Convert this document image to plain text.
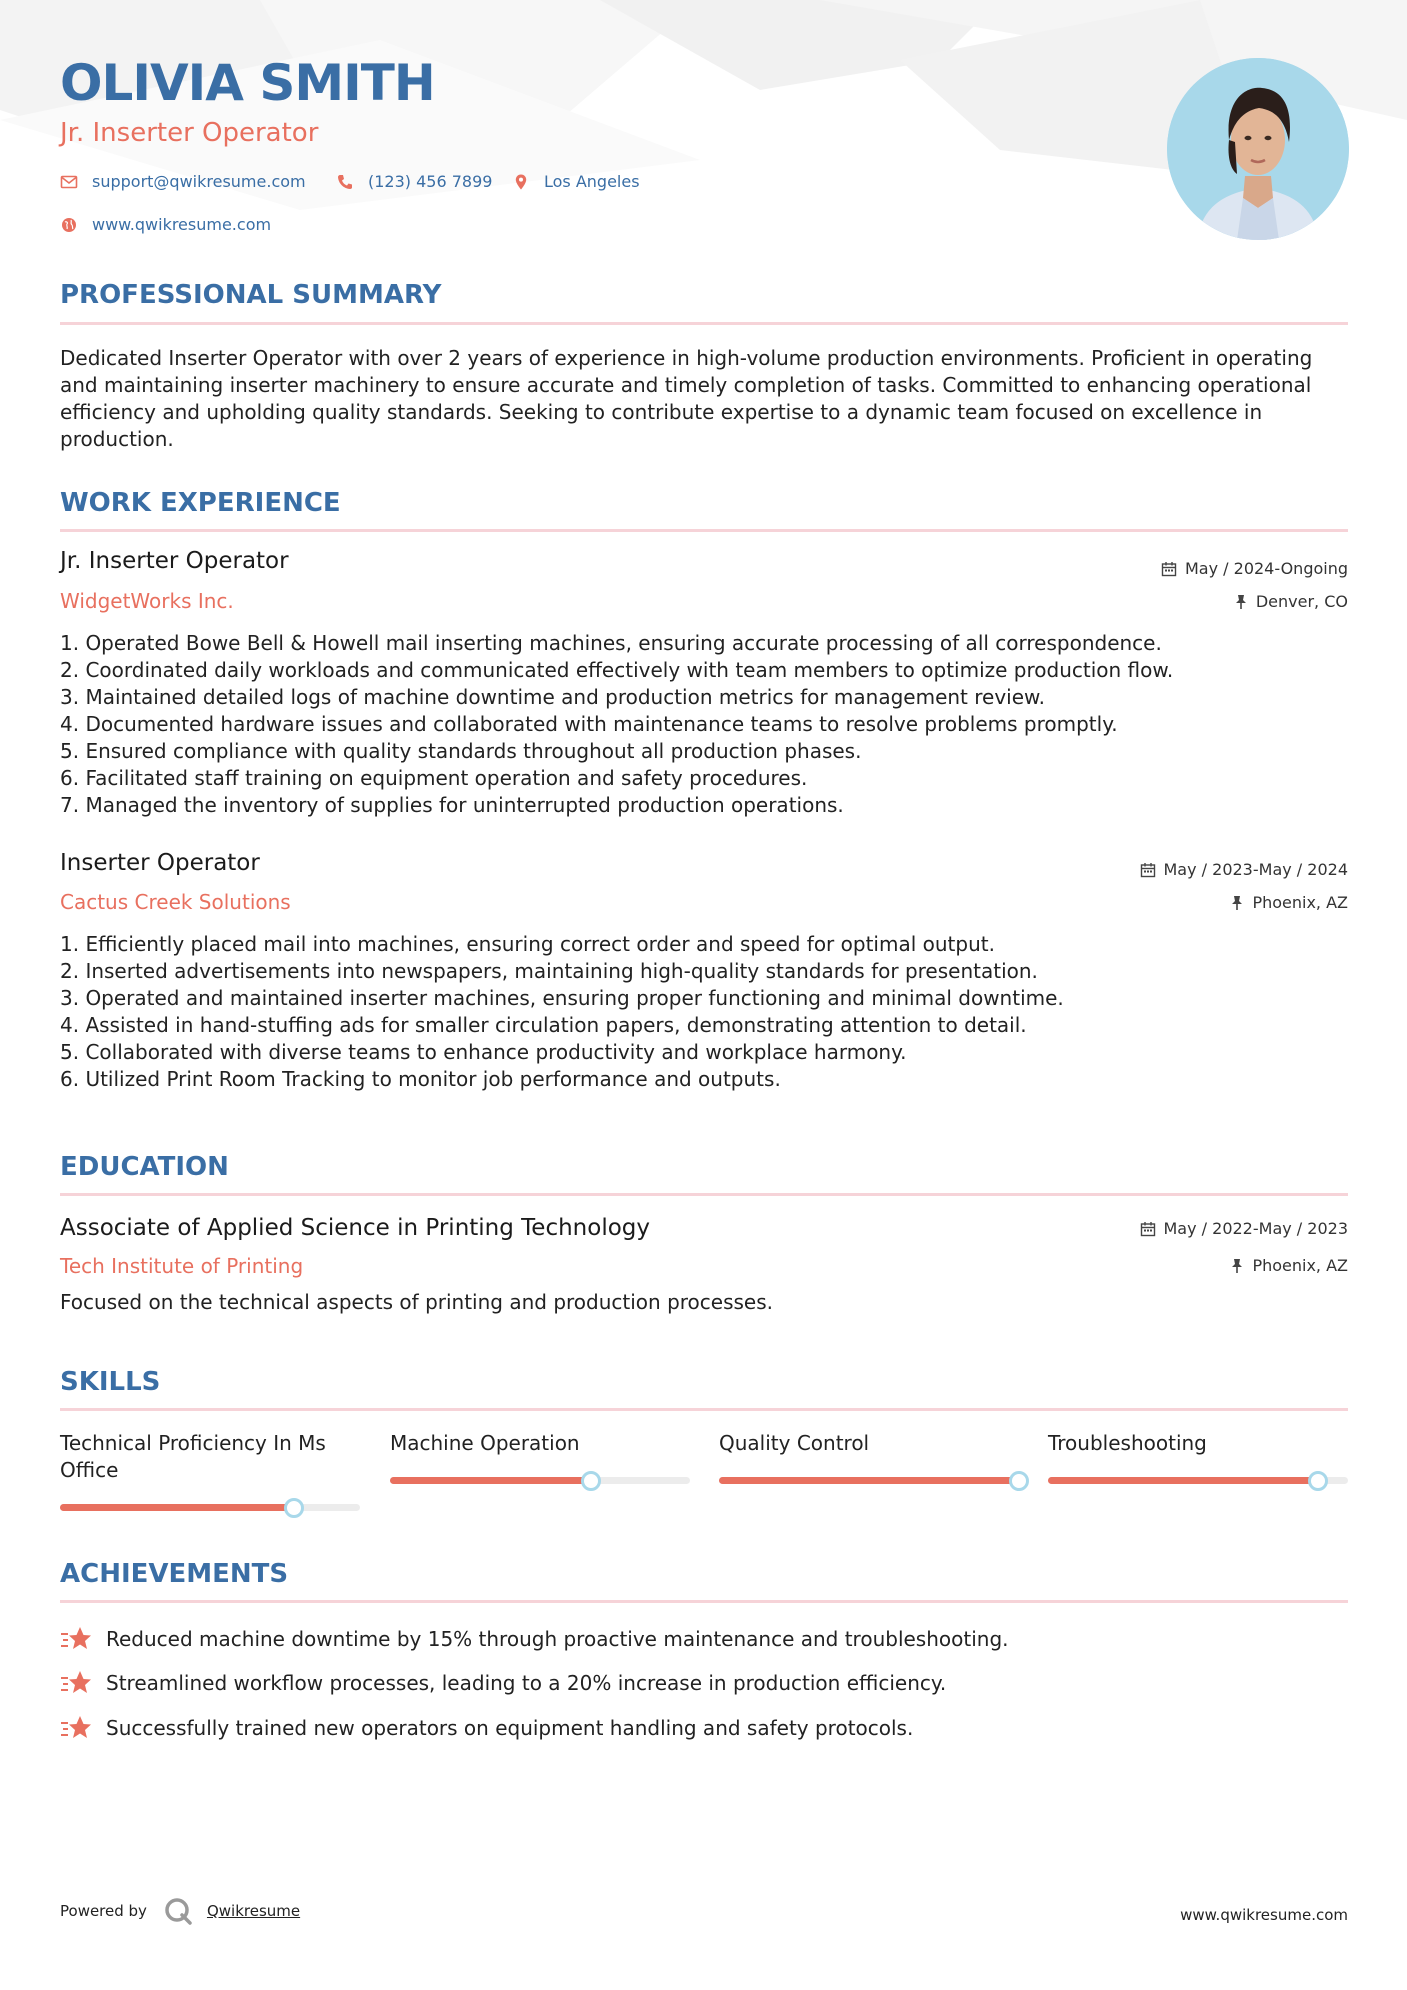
OLIVIA SMITH
Jr. Inserter Operator
support@qwikresume.com	(123) 456 7899	Los Angeles
www.qwikresume.com
PROFESSIONAL SUMMARY

Dedicated Inserter Operator with over 2 years of experience in high-volume production environments. Proficient in operating and maintaining inserter machinery to ensure accurate and timely completion of tasks. Committed to enhancing operational efficiency and upholding quality standards. Seeking to contribute expertise to a dynamic team focused on excellence in production.

WORK EXPERIENCE
Jr. Inserter Operator
WidgetWorks Inc.
May / 2024-Ongoing
Denver, CO
1. Operated Bowe Bell & Howell mail inserting machines, ensuring accurate processing of all correspondence.
2. Coordinated daily workloads and communicated effectively with team members to optimize production flow.
3. Maintained detailed logs of machine downtime and production metrics for management review.
4. Documented hardware issues and collaborated with maintenance teams to resolve problems promptly.
5. Ensured compliance with quality standards throughout all production phases.
6. Facilitated staff training on equipment operation and safety procedures.
7. Managed the inventory of supplies for uninterrupted production operations.
Inserter Operator
Cactus Creek Solutions
May / 2023-May / 2024
Phoenix, AZ
1. Efficiently placed mail into machines, ensuring correct order and speed for optimal output.
2. Inserted advertisements into newspapers, maintaining high-quality standards for presentation.
3. Operated and maintained inserter machines, ensuring proper functioning and minimal downtime.
4. Assisted in hand-stuffing ads for smaller circulation papers, demonstrating attention to detail.
5. Collaborated with diverse teams to enhance productivity and workplace harmony.
6. Utilized Print Room Tracking to monitor job performance and outputs.
EDUCATION
Associate of Applied Science in Printing Technology
Tech Institute of Printing
May / 2022-May / 2023
Phoenix, AZ

Focused on the technical aspects of printing and production processes.

SKILLS
Technical Proficiency In Ms Office
Machine Operation	Quality Control	Troubleshooting
ACHIEVEMENTS
Reduced machine downtime by 15% through proactive maintenance and troubleshooting.
Streamlined workflow processes, leading to a 20% increase in production efficiency.
Successfully trained new operators on equipment handling and safety protocols.
Powered by	Qwikresume	www.qwikresume.com
